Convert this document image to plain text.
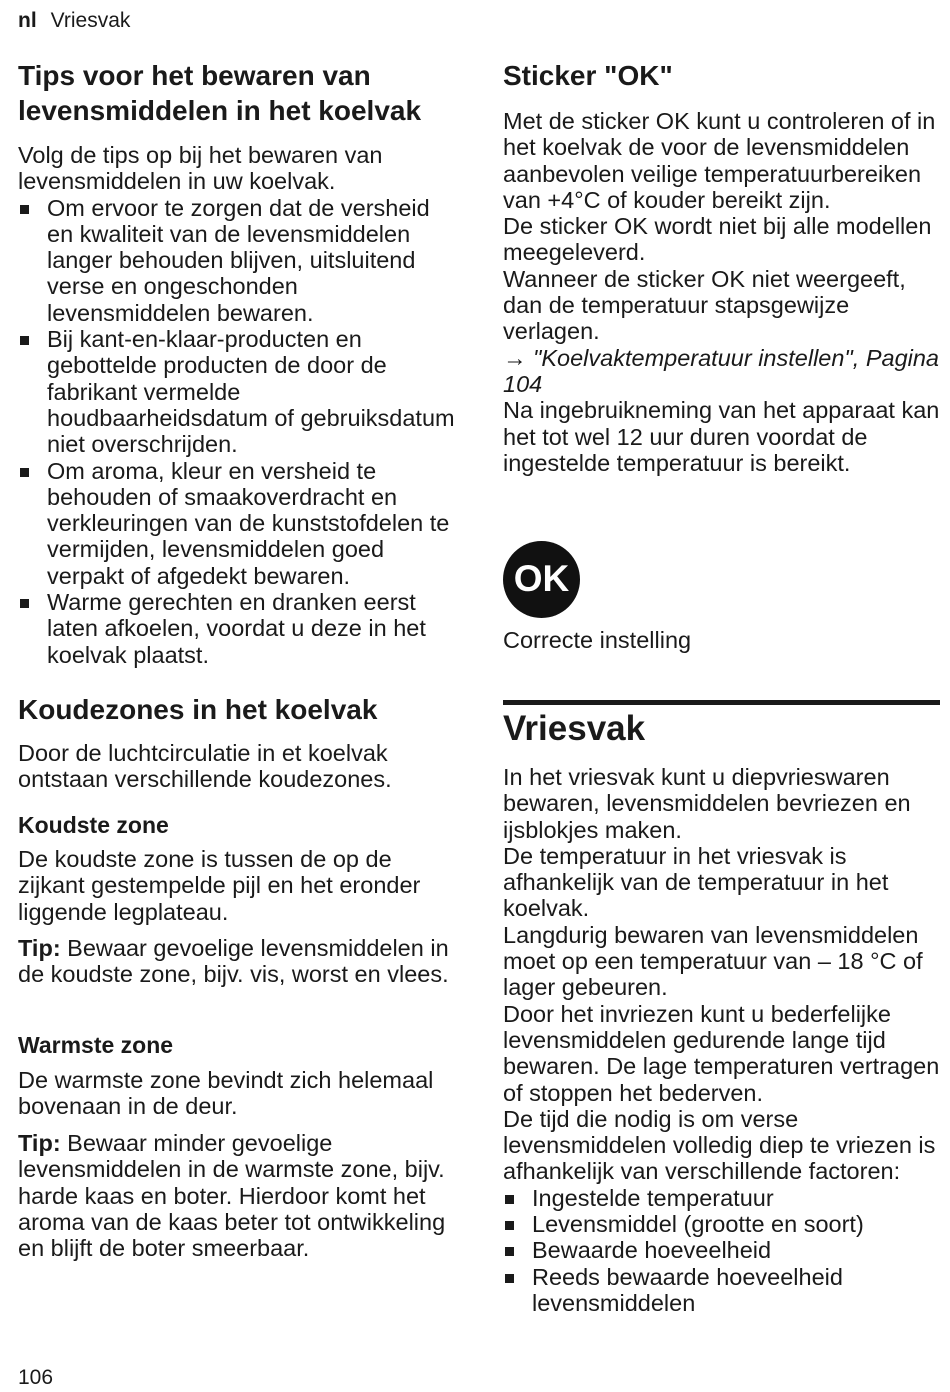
nl Vriesvak
Tips voor het bewaren van levensmiddelen in het koelvak

Volg de tips op bij het bewaren van levensmiddelen in uw koelvak.

Om ervoor te zorgen dat de versheid en kwaliteit van de levensmiddelen langer behouden blijven, uitsluitend verse en ongeschonden levensmiddelen bewaren.
Bij kant-en-klaar-producten en gebottelde producten de door de fabrikant vermelde houdbaarheidsdatum of gebruiksdatum niet overschrijden.
Om aroma, kleur en versheid te behouden of smaakoverdracht en verkleuringen van de kunststofdelen te vermijden, levensmiddelen goed verpakt of afgedekt bewaren.
Warme gerechten en dranken eerst laten afkoelen, voordat u deze in het koelvak plaatst.
Koudezones in het koelvak

Door de luchtcirculatie in et koelvak ontstaan verschillende koudezones.

Koudste zone

De koudste zone is tussen de op de zijkant gestempelde pijl en het eronder liggende legplateau.

Tip: Bewaar gevoelige levensmiddelen in de koudste zone, bijv. vis, worst en vlees.

Warmste zone

De warmste zone bevindt zich helemaal bovenaan in de deur.

Tip: Bewaar minder gevoelige levensmiddelen in de warmste zone, bijv. harde kaas en boter. Hierdoor komt het aroma van de kaas beter tot ontwikkeling en blijft de boter smeerbaar.

Sticker "OK"

Met de sticker OK kunt u controleren of in het koelvak de voor de levensmiddelen aanbevolen veilige temperatuurbereiken van +4°C of kouder bereikt zijn.

De sticker OK wordt niet bij alle modellen meegeleverd.

Wanneer de sticker OK niet weergeeft, dan de temperatuur stapsgewijze verlagen.

→ "Koelvaktemperatuur instellen", Pagina 104

Na ingebruikneming van het apparaat kan het tot wel 12 uur duren voordat de ingestelde temperatuur is bereikt.

OK

Correcte instelling

Vriesvak

In het vriesvak kunt u diepvrieswaren bewaren, levensmiddelen bevriezen en ijsblokjes maken.

De temperatuur in het vriesvak is afhankelijk van de temperatuur in het koelvak.

Langdurig bewaren van levensmiddelen moet op een temperatuur van – 18 °C of lager gebeuren.

Door het invriezen kunt u bederfelijke levensmiddelen gedurende lange tijd bewaren. De lage temperaturen vertragen of stoppen het bederven.

De tijd die nodig is om verse levensmiddelen volledig diep te vriezen is afhankelijk van verschillende factoren:

Ingestelde temperatuur
Levensmiddel (grootte en soort)
Bewaarde hoeveelheid
Reeds bewaarde hoeveelheid levensmiddelen
106
